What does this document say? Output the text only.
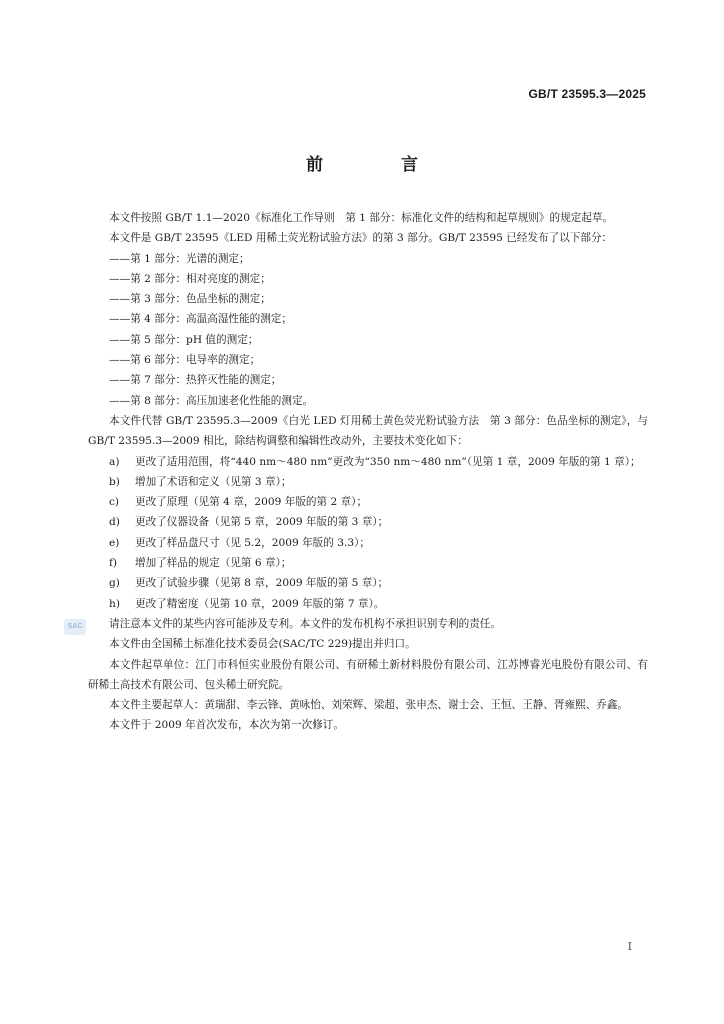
GB/T 23595.3—2025
前 言
SAC

本文件按照 GB/T 1.1—2020《标准化工作导则　第 1 部分：标准化文件的结构和起草规则》的规定起草。

本文件是 GB/T 23595《LED 用稀土荧光粉试验方法》的第 3 部分。GB/T 23595 已经发布了以下部分：

——第 1 部分：光谱的测定；

——第 2 部分：相对亮度的测定；

——第 3 部分：色品坐标的测定；

——第 4 部分：高温高湿性能的测定；

——第 5 部分：pH 值的测定；

——第 6 部分：电导率的测定；

——第 7 部分：热猝灭性能的测定；

——第 8 部分：高压加速老化性能的测定。

本文件代替 GB/T 23595.3—2009《白光 LED 灯用稀土黄色荧光粉试验方法　第 3 部分：色品坐标的测定》，与 GB/T 23595.3—2009 相比，除结构调整和编辑性改动外，主要技术变化如下：

a)	更改了适用范围，将“440 nm～480 nm”更改为“350 nm～480 nm”（见第 1 章，2009 年版的第 1 章）；
b)	增加了术语和定义（见第 3 章）；
c)	更改了原理（见第 4 章，2009 年版的第 2 章）；
d)	更改了仪器设备（见第 5 章，2009 年版的第 3 章）；
e)	更改了样品盘尺寸（见 5.2，2009 年版的 3.3）；
f)	增加了样品的规定（见第 6 章）；
g)	更改了试验步骤（见第 8 章，2009 年版的第 5 章）；
h)	更改了精密度（见第 10 章，2009 年版的第 7 章）。

请注意本文件的某些内容可能涉及专利。本文件的发布机构不承担识别专利的责任。

本文件由全国稀土标准化技术委员会(SAC/TC 229)提出并归口。

本文件起草单位：江门市科恒实业股份有限公司、有研稀土新材料股份有限公司、江苏博睿光电股份有限公司、有研稀土高技术有限公司、包头稀土研究院。

本文件主要起草人：黄瑞甜、李云锋、黄咏怡、刘荣辉、梁超、张申杰、谢士会、王恒、王静、胥雍熙、乔鑫。

本文件于 2009 年首次发布，本次为第一次修订。

I
